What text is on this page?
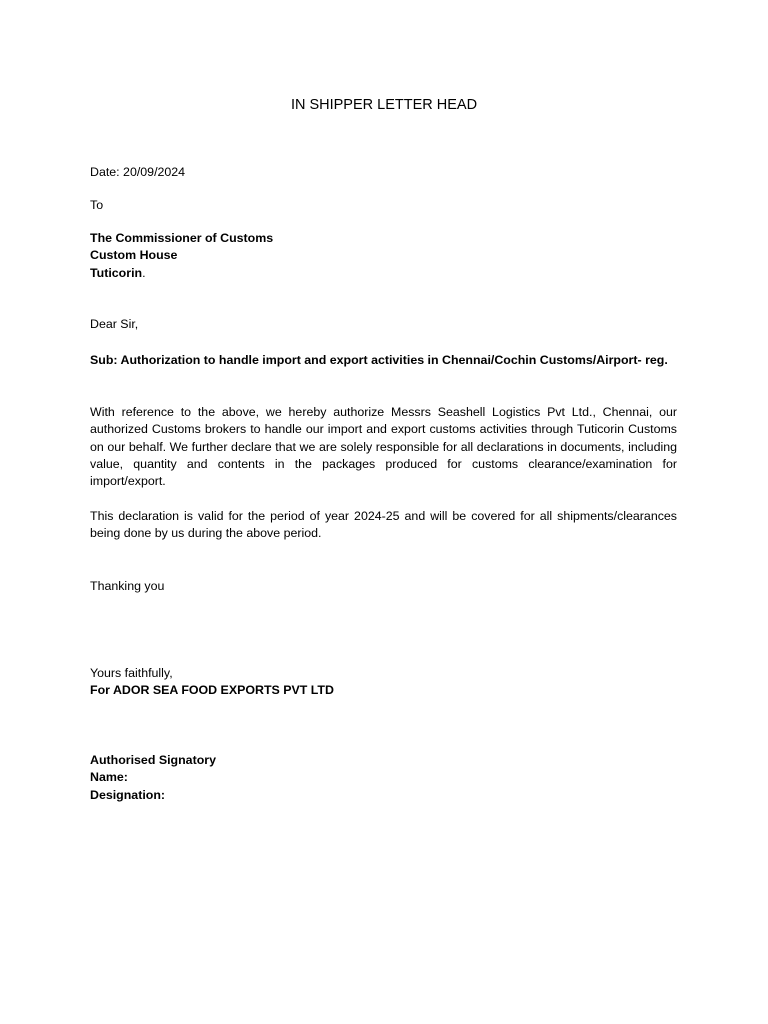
IN SHIPPER LETTER HEAD

Date: 20/09/2024

To

The Commissioner of Customs
Custom House
Tuticorin.

Dear Sir,

Sub: Authorization to handle import and export activities in Chennai/Cochin Customs/Airport- reg.

With reference to the above, we hereby authorize Messrs Seashell Logistics Pvt Ltd., Chennai, our authorized Customs brokers to handle our import and export customs activities through Tuticorin Customs on our behalf. We further declare that we are solely responsible for all declarations in documents, including value, quantity and contents in the packages produced for customs clearance/examination for import/export.

This declaration is valid for the period of year 2024-25 and will be covered for all shipments/clearances being done by us during the above period.

Thanking you

Yours faithfully,
For ADOR SEA FOOD EXPORTS PVT LTD
Authorised Signatory
Name:
Designation:
